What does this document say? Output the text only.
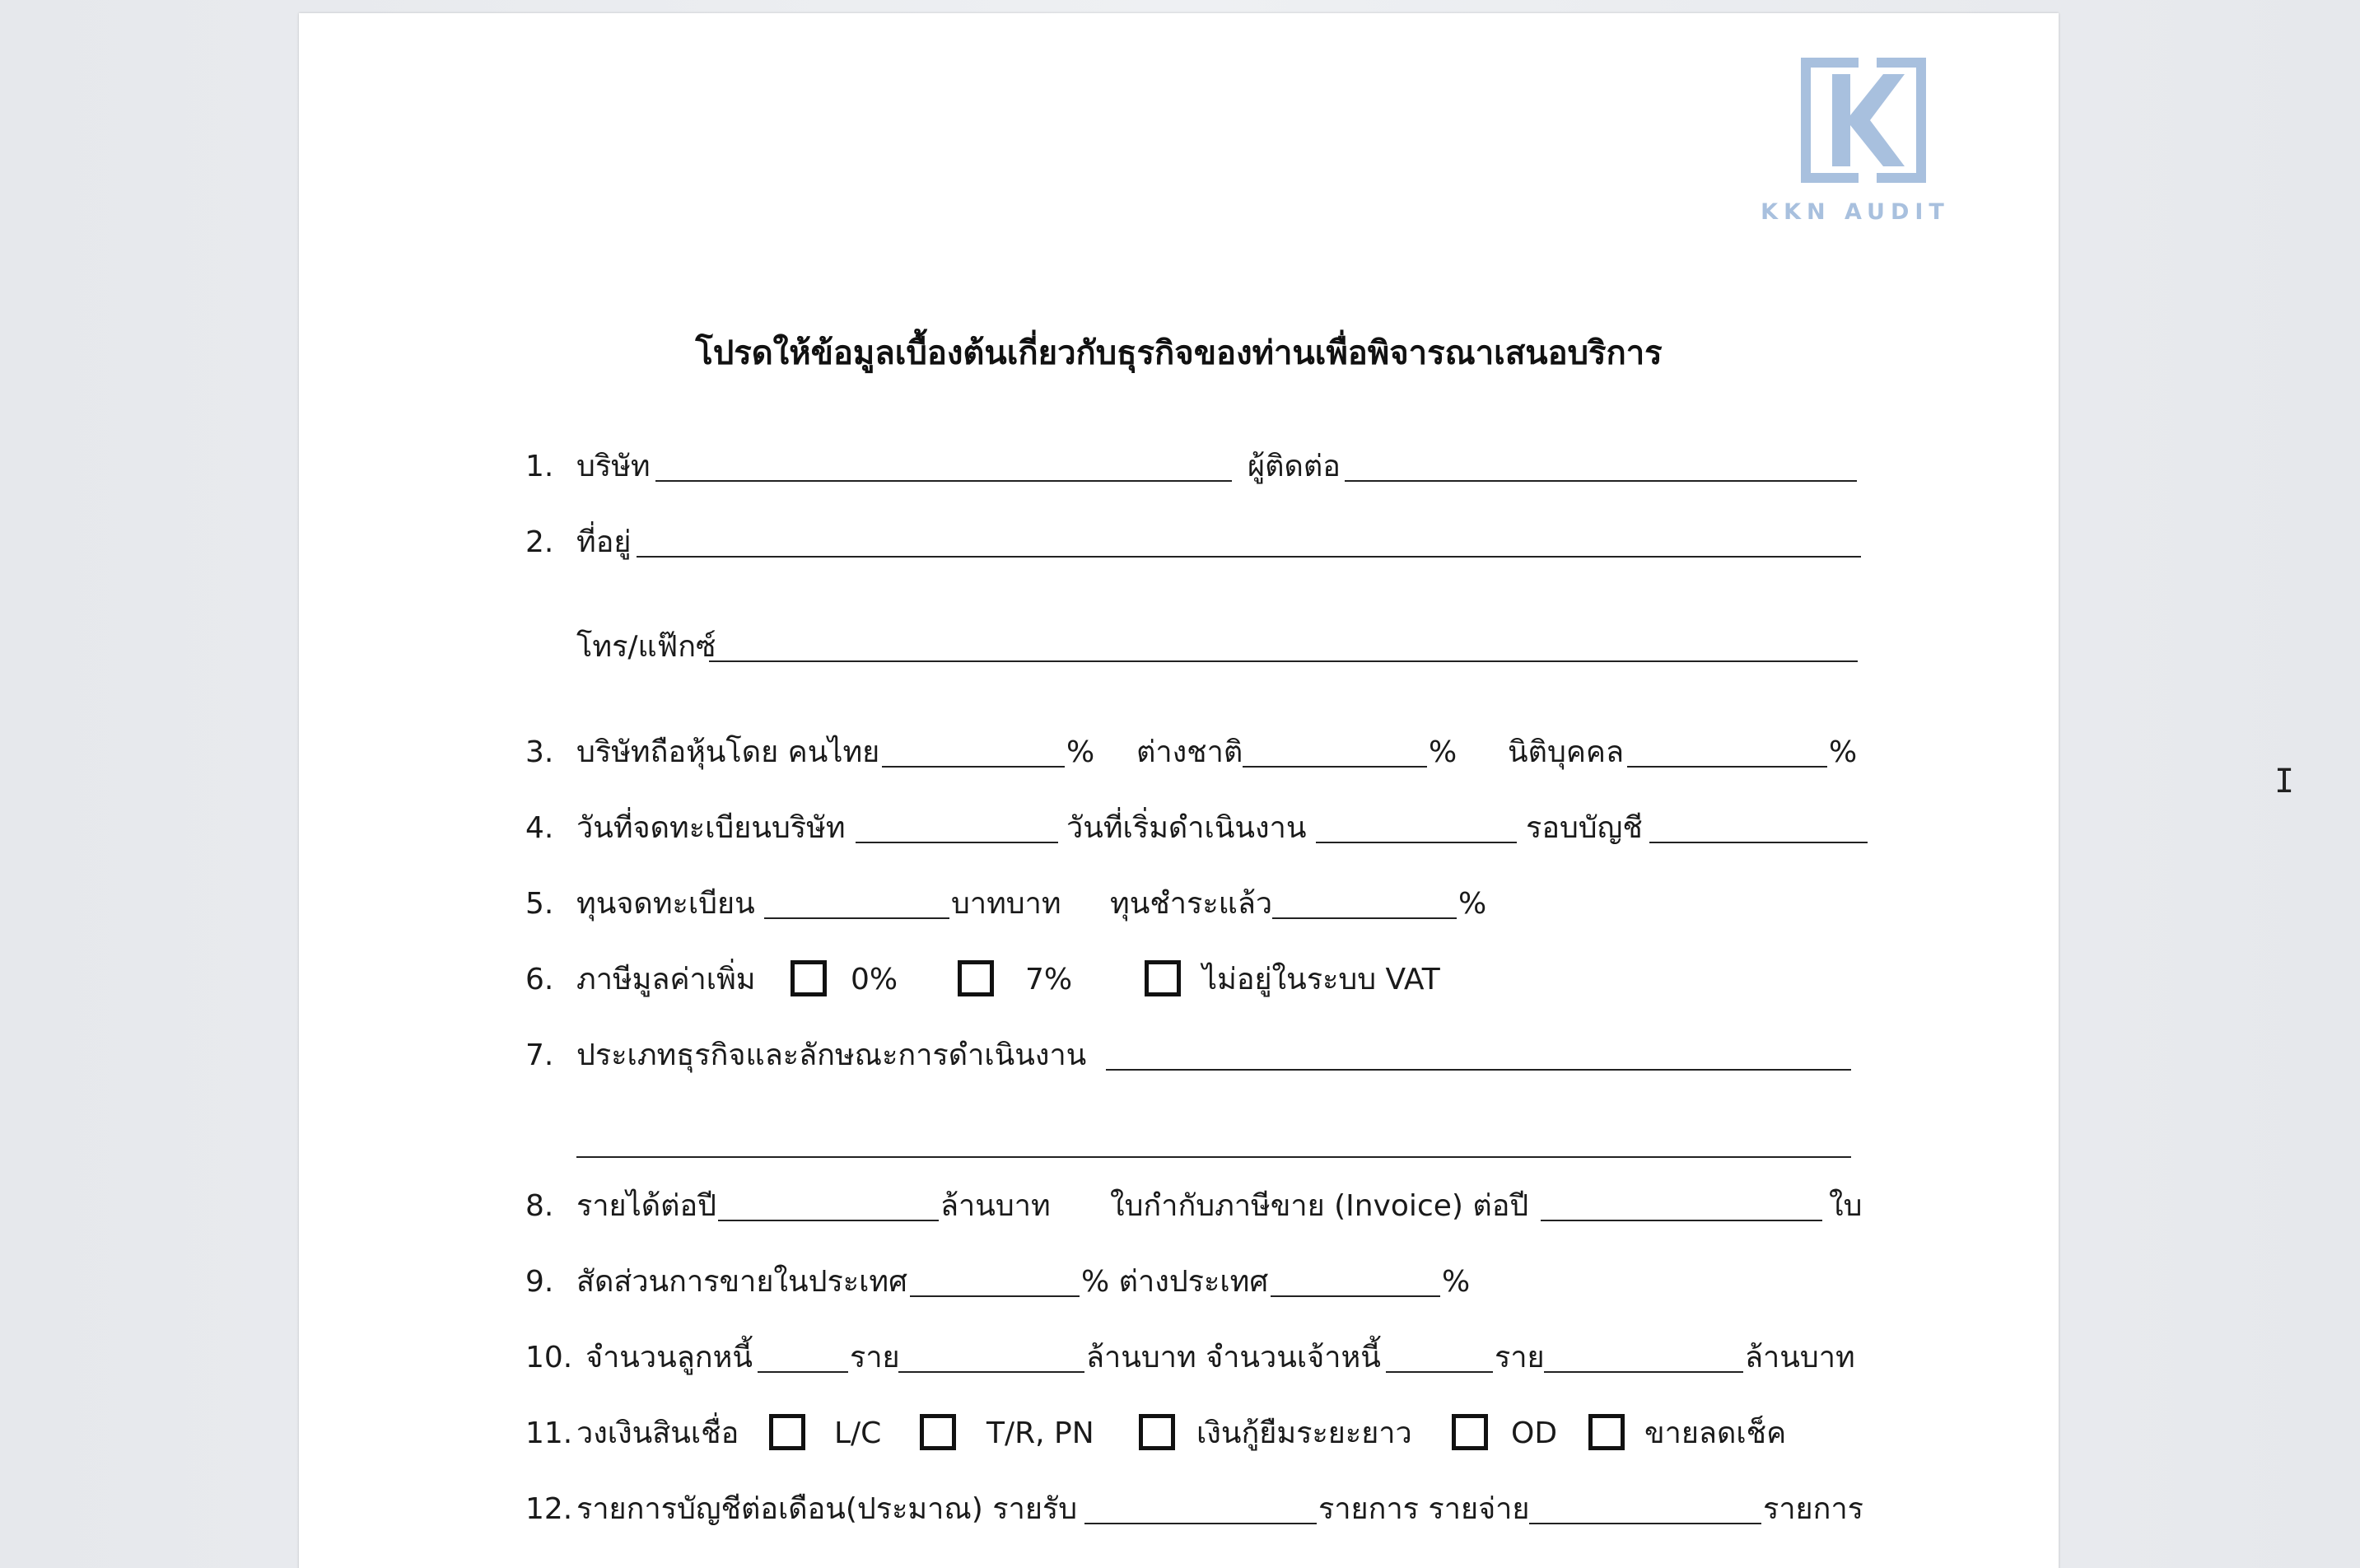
KKN AUDIT
โปรดให้ข้อมูลเบื้องต้นเกี่ยวกับธุรกิจของท่านเพื่อพิจารณาเสนอบริการ
1. บริษัท	ผู้ติดต่อ
2. ที่อยู่
โทร/แฟ๊กซ์
3. บริษัทถือหุ้นโดย คนไทย	% ต่างชาติ	% นิติบุคคล	%
4. วันที่จดทะเบียนบริษัท	วันที่เริ่มดำเนินงาน	รอบบัญชี
5. ทุนจดทะเบียน	บาทบาท ทุนชำระแล้ว	%
6. ภาษีมูลค่าเพิ่ม	0%	7%	ไม่อยู่ในระบบ VAT
7. ประเภทธุรกิจและลักษณะการดำเนินงาน
8. รายได้ต่อปี	ล้านบาท ใบกำกับภาษีขาย (Invoice) ต่อปี	ใบ
9. สัดส่วนการขายในประเทศ	% ต่างประเทศ	%
10. จำนวนลูกหนี้	ราย	ล้านบาท จำนวนเจ้าหนี้	ราย	ล้านบาท
11. วงเงินสินเชื่อ	L/C	T/R, PN	เงินกู้ยืมระยะยาว	OD	ขายลดเช็ค
12. รายการบัญชีต่อเดือน(ประมาณ) รายรับ	รายการ รายจ่าย	รายการ
I
